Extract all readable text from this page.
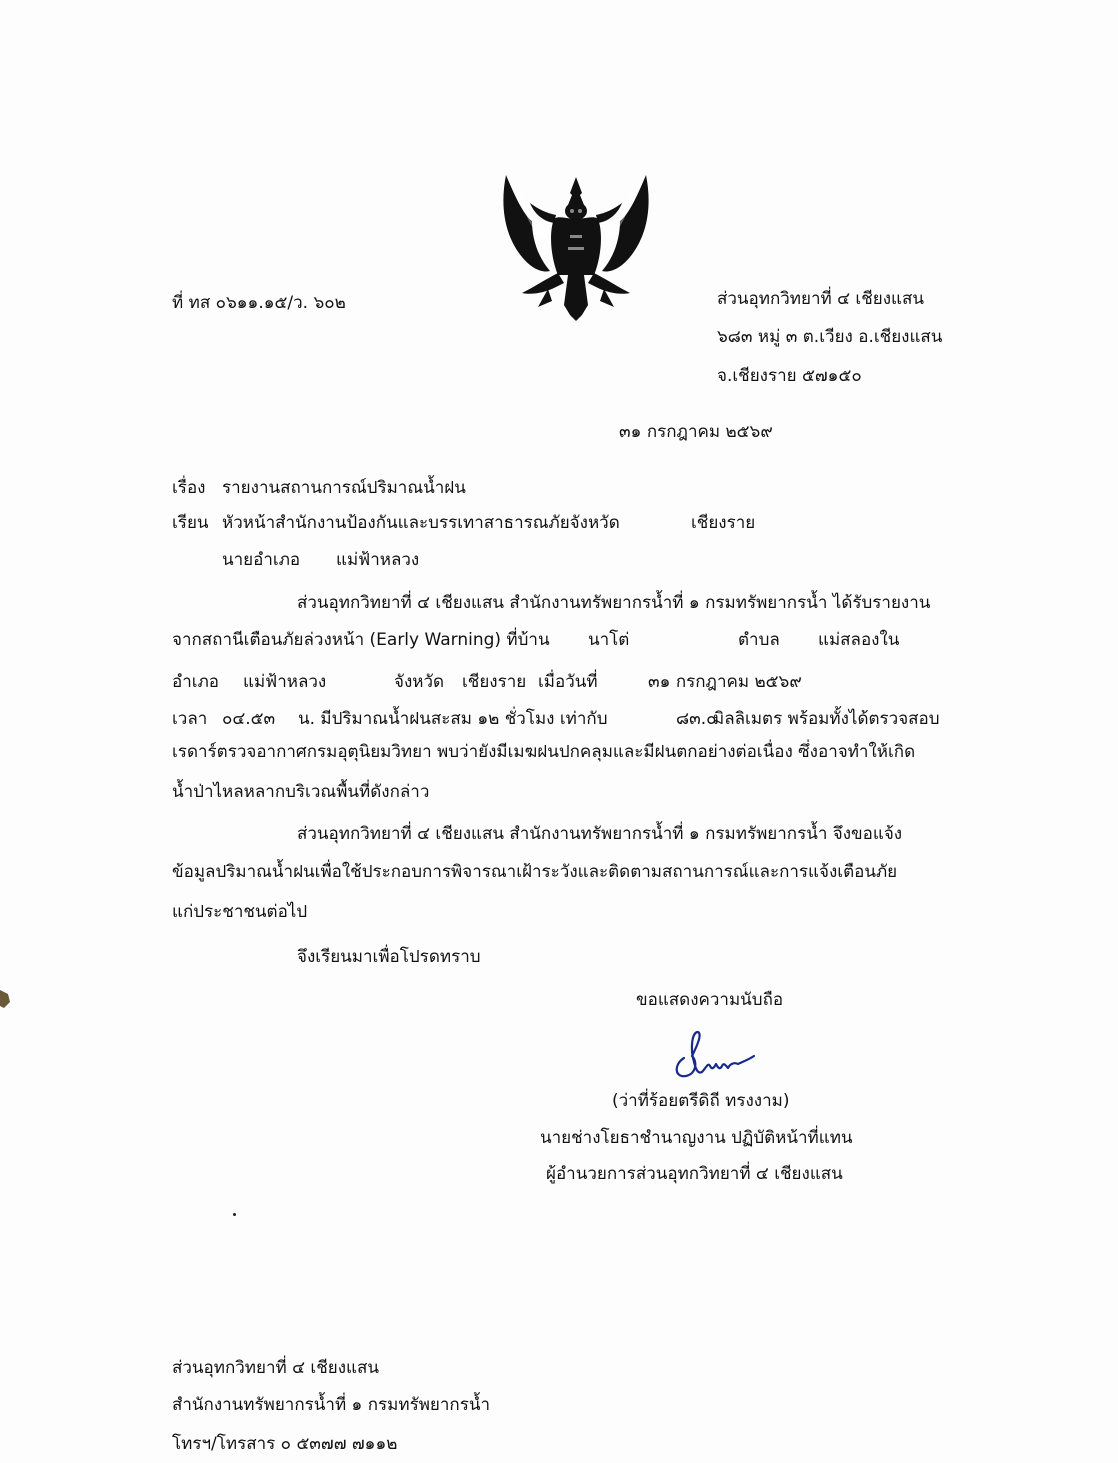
ที่ ทส ๐๖๑๑.๑๕/ว. ๖๐๒	ส่วนอุทกวิทยาที่ ๔ เชียงแสน
๖๘๓ หมู่ ๓ ต.เวียง อ.เชียงแสน
จ.เชียงราย ๕๗๑๕๐
๓๑ กรกฎาคม ๒๕๖๙
เรื่อง รายงานสถานการณ์ปริมาณน้ำฝน
เรียน หัวหน้าสำนักงานป้องกันและบรรเทาสาธารณภัยจังหวัด	เชียงราย
นายอำเภอ แม่ฟ้าหลวง
ส่วนอุทกวิทยาที่ ๔ เชียงแสน สำนักงานทรัพยากรน้ำที่ ๑ กรมทรัพยากรน้ำ ได้รับรายงาน
จากสถานีเตือนภัยล่วงหน้า (Early Warning) ที่บ้าน นาโต่	ตำบล แม่สลองใน
อำเภอ แม่ฟ้าหลวง	จังหวัด เชียงราย เมื่อวันที่	๓๑ กรกฎาคม ๒๕๖๙
เวลา ๐๔.๕๓ น. มีปริมาณน้ำฝนสะสม ๑๒ ชั่วโมง เท่ากับ	๘๓.๐
มิลลิเมตร พร้อมทั้งได้ตรวจสอบ
เรดาร์ตรวจอากาศกรมอุตุนิยมวิทยา พบว่ายังมีเมฆฝนปกคลุมและมีฝนตกอย่างต่อเนื่อง ซึ่งอาจทำให้เกิด
น้ำป่าไหลหลากบริเวณพื้นที่ดังกล่าว
ส่วนอุทกวิทยาที่ ๔ เชียงแสน สำนักงานทรัพยากรน้ำที่ ๑ กรมทรัพยากรน้ำ จึงขอแจ้ง
ข้อมูลปริมาณน้ำฝนเพื่อใช้ประกอบการพิจารณาเฝ้าระวังและติดตามสถานการณ์และการแจ้งเตือนภัย
แก่ประชาชนต่อไป
จึงเรียนมาเพื่อโปรดทราบ
ขอแสดงความนับถือ
(ว่าที่ร้อยตรีดิถี ทรงงาม)
นายช่างโยธาชำนาญงาน ปฏิบัติหน้าที่แทน
ผู้อำนวยการส่วนอุทกวิทยาที่ ๔ เชียงแสน
ส่วนอุทกวิทยาที่ ๔ เชียงแสน
สำนักงานทรัพยากรน้ำที่ ๑ กรมทรัพยากรน้ำ
โทรฯ/โทรสาร ๐ ๕๓๗๗ ๗๑๑๒
